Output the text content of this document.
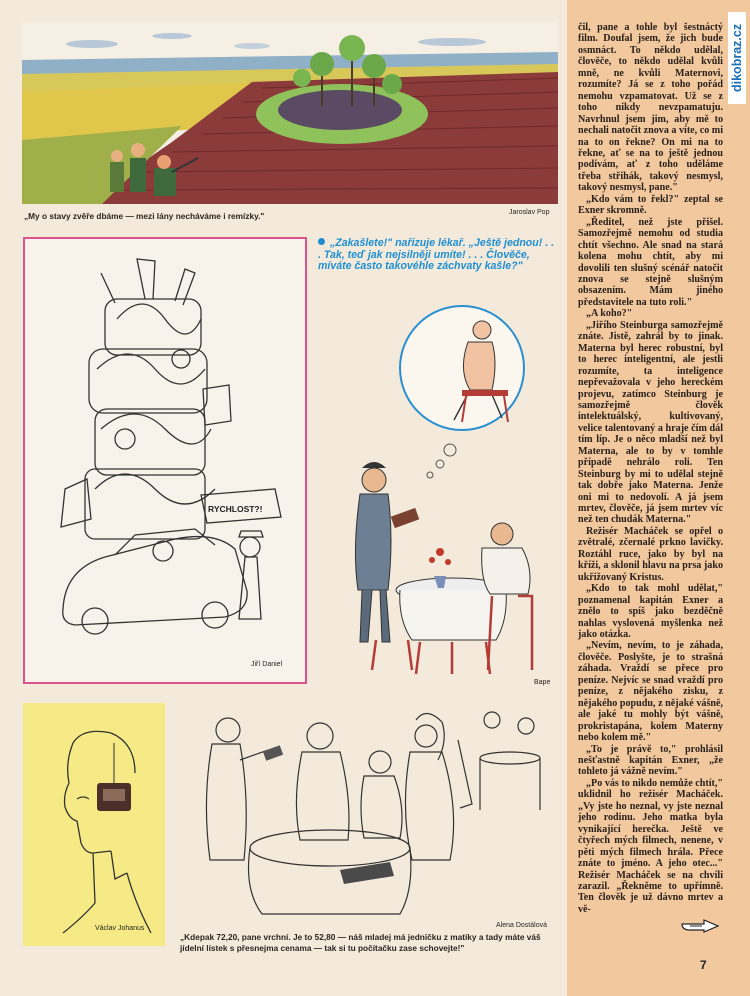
„My o stavy zvěře dbáme — mezi lány necháváme i remízky."	Jaroslav Pop
RYCHLOST?!
Jiří Daniel
„Zakašlete!" nařizuje lékař. „Ještě jednou! . . . Tak, teď jak nejsilněji umíte! . . . Člověče, míváte často takovéhle záchvaty kašle?"
Bape
Václav Johanus	Alena Dostálová
„Kdepak 72,20, pane vrchní. Je to 52,80 — náš mladej má jedničku z matiky a tady máte váš jídelní lístek s přesnejma cenama — tak si tu počítačku zase schovejte!"
dikobraz.cz

čil, pane a tohle byl šestnáctý film. Doufal jsem, že jich bude osmnáct. To někdo udělal, člověče, to někdo udělal kvůli mně, ne kvůli Maternovi, rozumíte? Já se z toho pořád nemohu vzpamatovat. Už se z toho nikdy nevzpamatuju. Navrhnul jsem jim, aby mě to nechali natočit znova a víte, co mi na to on řekne? On mi na to řekne, ať se na to ještě jednou podívám, ať z toho uděláme třeba střihák, takový nesmysl, takový nesmysl, pane."

„Kdo vám to řekl?" zeptal se Exner skromně.

„Ředitel, než jste přišel. Samozřejmě nemohu od studia chtít všechno. Ale snad na stará kolena mohu chtít, aby mi dovolili ten slušný scénář natočit znova se stejně slušným obsazením. Mám jiného představitele na tuto roli."

„A koho?"

„Jiřího Steinburga samozřejmě znáte. Jistě, zahrál by to jinak. Materna byl herec robustní, byl to herec inteligentní, ale jestli rozumíte, ta inteligence nepřevažovala v jeho hereckém projevu, zatímco Steinburg je samozřejmě člověk intelektuálský, kultivovaný, velice talentovaný a hraje čím dál tím líp. Je o něco mladší než byl Materna, ale to by v tomhle případě nehrálo roli. Ten Steinburg by mi to udělal stejně tak dobře jako Materna. Jenže oni mi to nedovolí. A já jsem mrtev, člověče, já jsem mrtev víc než ten chudák Materna."

Režisér Macháček se opřel o zvětralé, zčernalé prkno lavičky. Roztáhl ruce, jako by byl na kříži, a sklonil hlavu na prsa jako ukřižovaný Kristus.

„Kdo to tak mohl udělat," poznamenal kapitán Exner a znělo to spíš jako bezděčně nahlas vyslovená myšlenka než jako otázka.

„Nevím, nevím, to je záhada, člověče. Poslyšte, je to strašná záhada. Vraždí se přece pro peníze. Nejvíc se snad vraždí pro peníze, z nějakého zisku, z nějakého popudu, z nějaké vášně, ale jaké tu mohly být vášně, prokristapána, kolem Materny nebo kolem mě."

„To je právě to," prohlásil nešťastně kapitán Exner, „že tohleto já vážně nevím."

„Po vás to nikdo nemůže chtít," uklidnil ho režisér Macháček. „Vy jste ho neznal, vy jste neznal jeho rodinu. Jeho matka byla vynikající herečka. Ještě ve čtyřech mých filmech, nenene, v pěti mých filmech hrála. Přece znáte to jméno. A jeho otec..." Režisér Macháček se na chvíli zarazil. „Řekněme to upřímně. Ten člověk je už dávno mrtev a vě-

7
